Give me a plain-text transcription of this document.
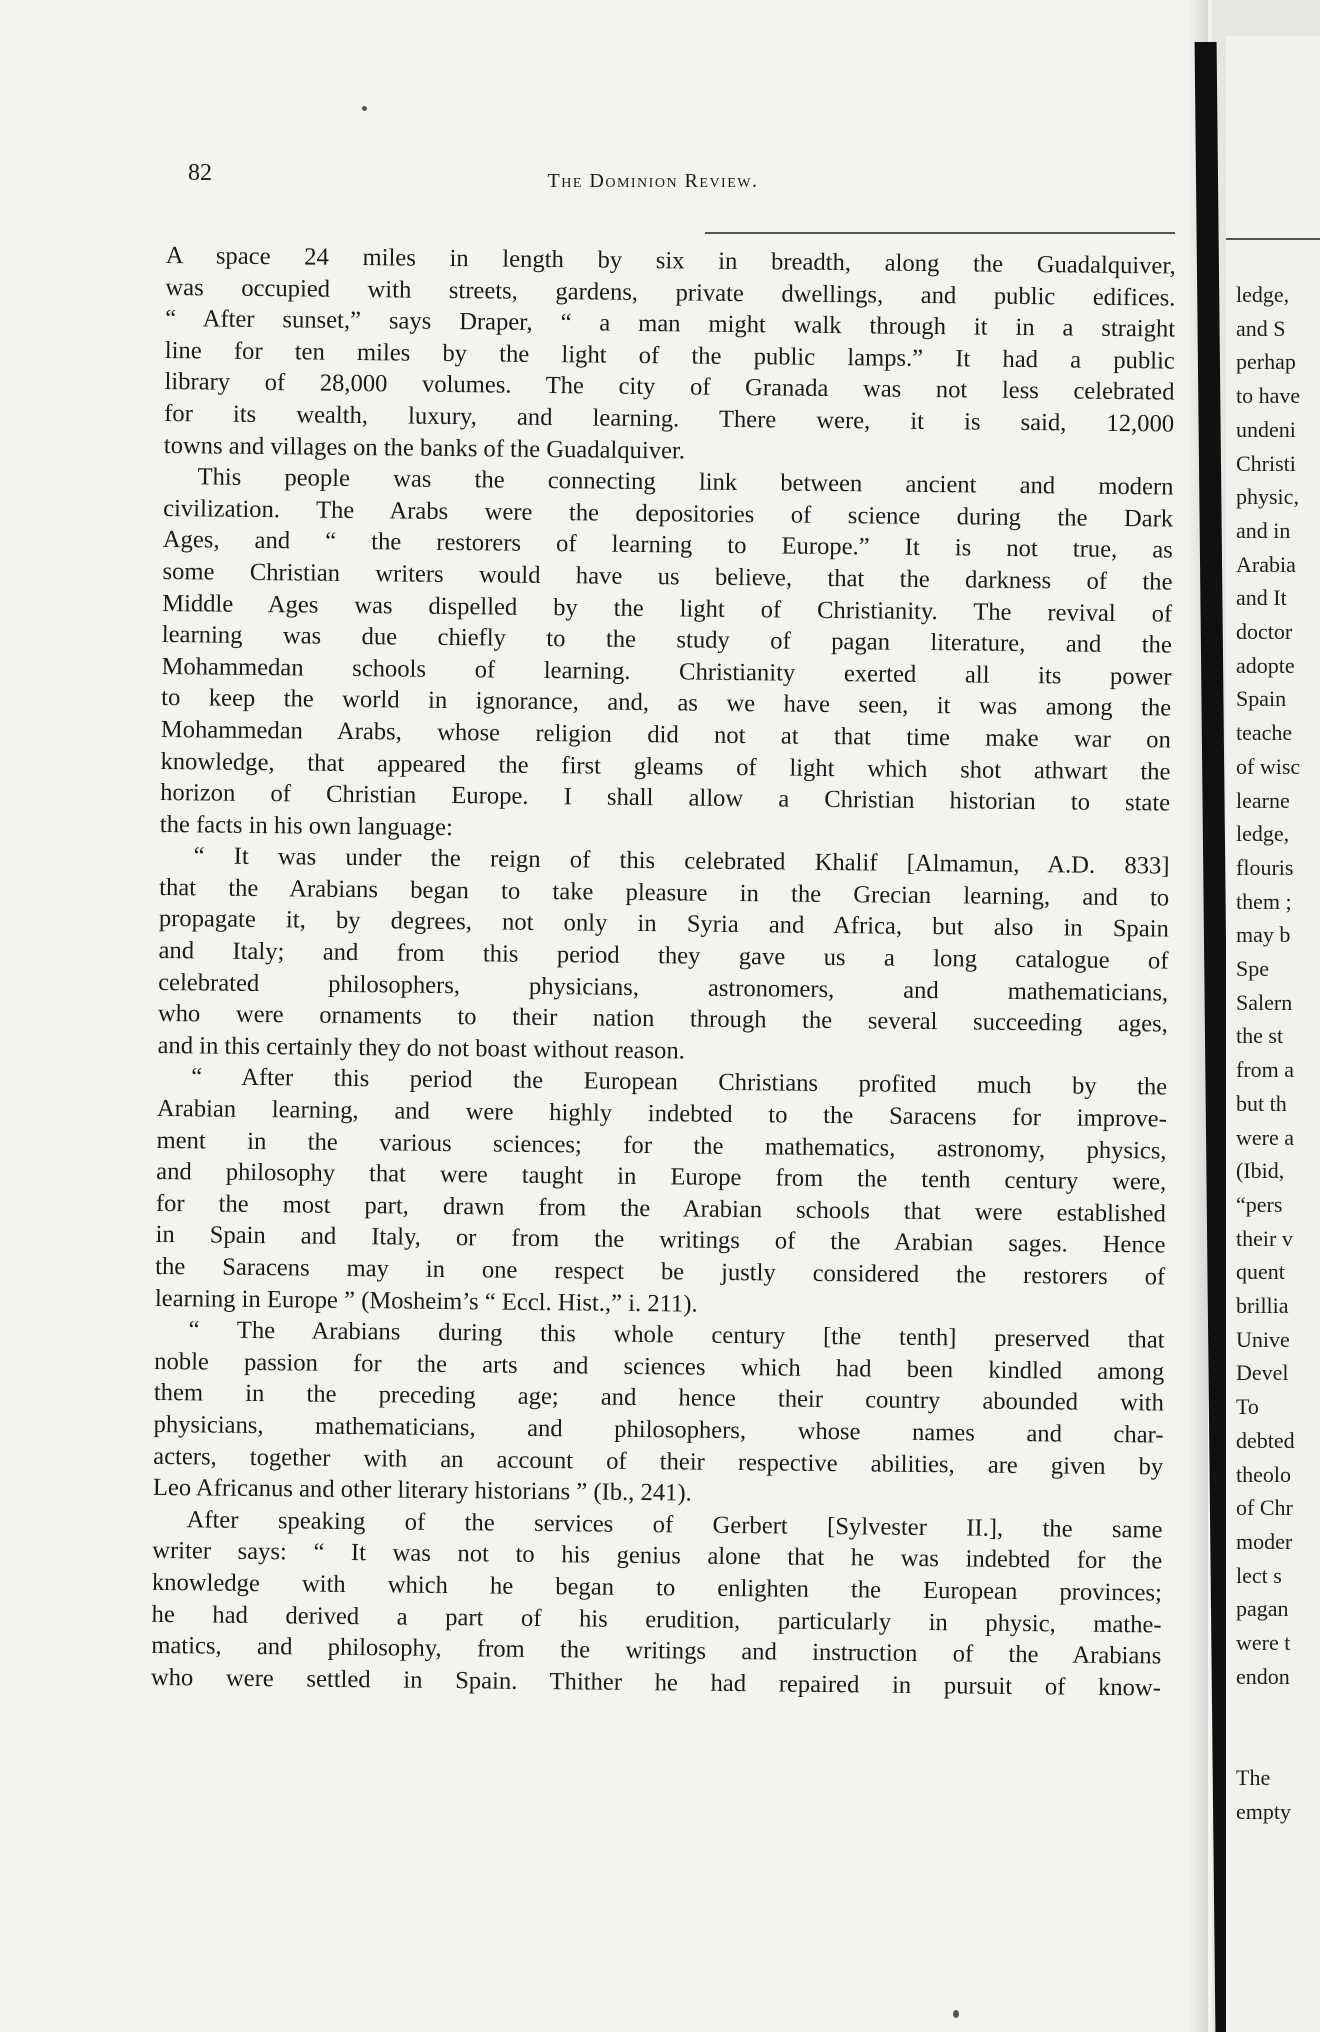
82	The Dominion Review.
A space 24 miles in length by six in breadth, along the Guadalquiver,
was occupied with streets, gardens, private dwellings, and public edifices.
“ After sunset,” says Draper, “ a man might walk through it in a straight
line for ten miles by the light of the public lamps.” It had a public
library of 28,000 volumes. The city of Granada was not less celebrated
for its wealth, luxury, and learning. There were, it is said, 12,000
towns and villages on the banks of the Guadalquiver.
This people was the connecting link between ancient and modern
civilization. The Arabs were the depositories of science during the Dark
Ages, and “ the restorers of learning to Europe.” It is not true, as
some Christian writers would have us believe, that the darkness of the
Middle Ages was dispelled by the light of Christianity. The revival of
learning was due chiefly to the study of pagan literature, and the
Mohammedan schools of learning. Christianity exerted all its power
to keep the world in ignorance, and, as we have seen, it was among the
Mohammedan Arabs, whose religion did not at that time make war on
knowledge, that appeared the first gleams of light which shot athwart the
horizon of Christian Europe. I shall allow a Christian historian to state
the facts in his own language:
“ It was under the reign of this celebrated Khalif [Almamun, A.D. 833]
that the Arabians began to take pleasure in the Grecian learning, and to
propagate it, by degrees, not only in Syria and Africa, but also in Spain
and Italy; and from this period they gave us a long catalogue of
celebrated philosophers, physicians, astronomers, and mathematicians,
who were ornaments to their nation through the several succeeding ages,
and in this certainly they do not boast without reason.
“ After this period the European Christians profited much by the
Arabian learning, and were highly indebted to the Saracens for improve-
ment in the various sciences; for the mathematics, astronomy, physics,
and philosophy that were taught in Europe from the tenth century were,
for the most part, drawn from the Arabian schools that were established
in Spain and Italy, or from the writings of the Arabian sages. Hence
the Saracens may in one respect be justly considered the restorers of
learning in Europe ” (Mosheim’s “ Eccl. Hist.,” i. 211).
“ The Arabians during this whole century [the tenth] preserved that
noble passion for the arts and sciences which had been kindled among
them in the preceding age; and hence their country abounded with
physicians, mathematicians, and philosophers, whose names and char-
acters, together with an account of their respective abilities, are given by
Leo Africanus and other literary historians ” (Ib., 241).
After speaking of the services of Gerbert [Sylvester II.], the same
writer says: “ It was not to his genius alone that he was indebted for the
knowledge with which he began to enlighten the European provinces;
he had derived a part of his erudition, particularly in physic, mathe-
matics, and philosophy, from the writings and instruction of the Arabians
who were settled in Spain. Thither he had repaired in pursuit of know-
ledge,
and S
perhap
to have
undeni
Christi
physic,
and in
Arabia
and It
doctor
adopte
Spain
teache
of wisc
learne
ledge,
flouris
them ;
may b
Spe
Salern
the st
from a
but th
were a
(Ibid,
“pers
their v
quent
brillia
Unive
Devel
To
debted
theolo
of Chr
moder
lect s
pagan
were t
endon
The
empty
